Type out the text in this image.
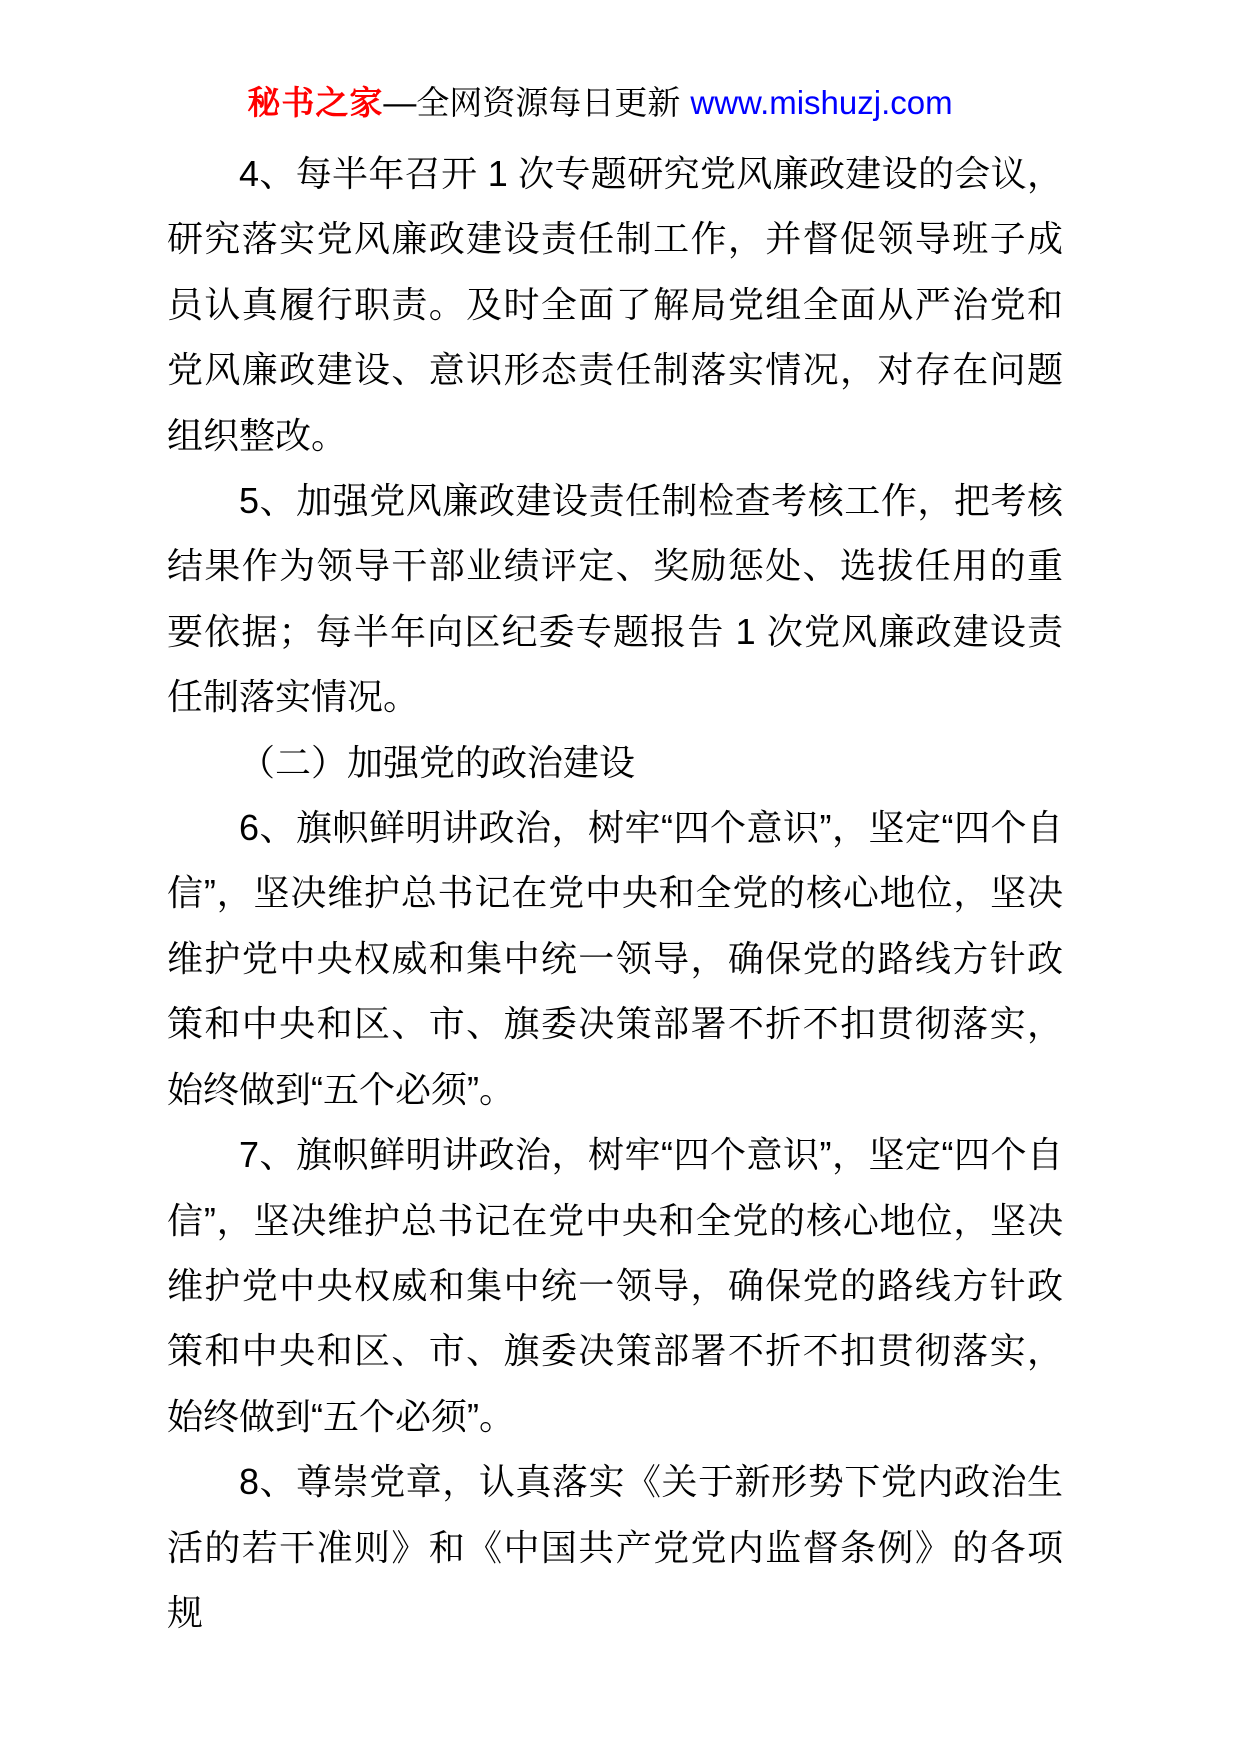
秘书之家—全网资源每日更新 www.mishuzj.com

4、每半年召开 1 次专题研究党风廉政建设的会议，研究落实党风廉政建设责任制工作，并督促领导班子成员认真履行职责。及时全面了解局党组全面从严治党和党风廉政建设、意识形态责任制落实情况，对存在问题组织整改。

5、加强党风廉政建设责任制检查考核工作，把考核结果作为领导干部业绩评定、奖励惩处、选拔任用的重要依据；每半年向区纪委专题报告 1 次党风廉政建设责任制落实情况。

（二）加强党的政治建设

6、旗帜鲜明讲政治，树牢“四个意识”，坚定“四个自信”，坚决维护总书记在党中央和全党的核心地位，坚决维护党中央权威和集中统一领导，确保党的路线方针政策和中央和区、市、旗委决策部署不折不扣贯彻落实，始终做到“五个必须”。

7、旗帜鲜明讲政治，树牢“四个意识”，坚定“四个自信”，坚决维护总书记在党中央和全党的核心地位，坚决维护党中央权威和集中统一领导，确保党的路线方针政策和中央和区、市、旗委决策部署不折不扣贯彻落实，始终做到“五个必须”。

8、尊崇党章，认真落实《关于新形势下党内政治生活的若干准则》和《中国共产党党内监督条例》的各项规
